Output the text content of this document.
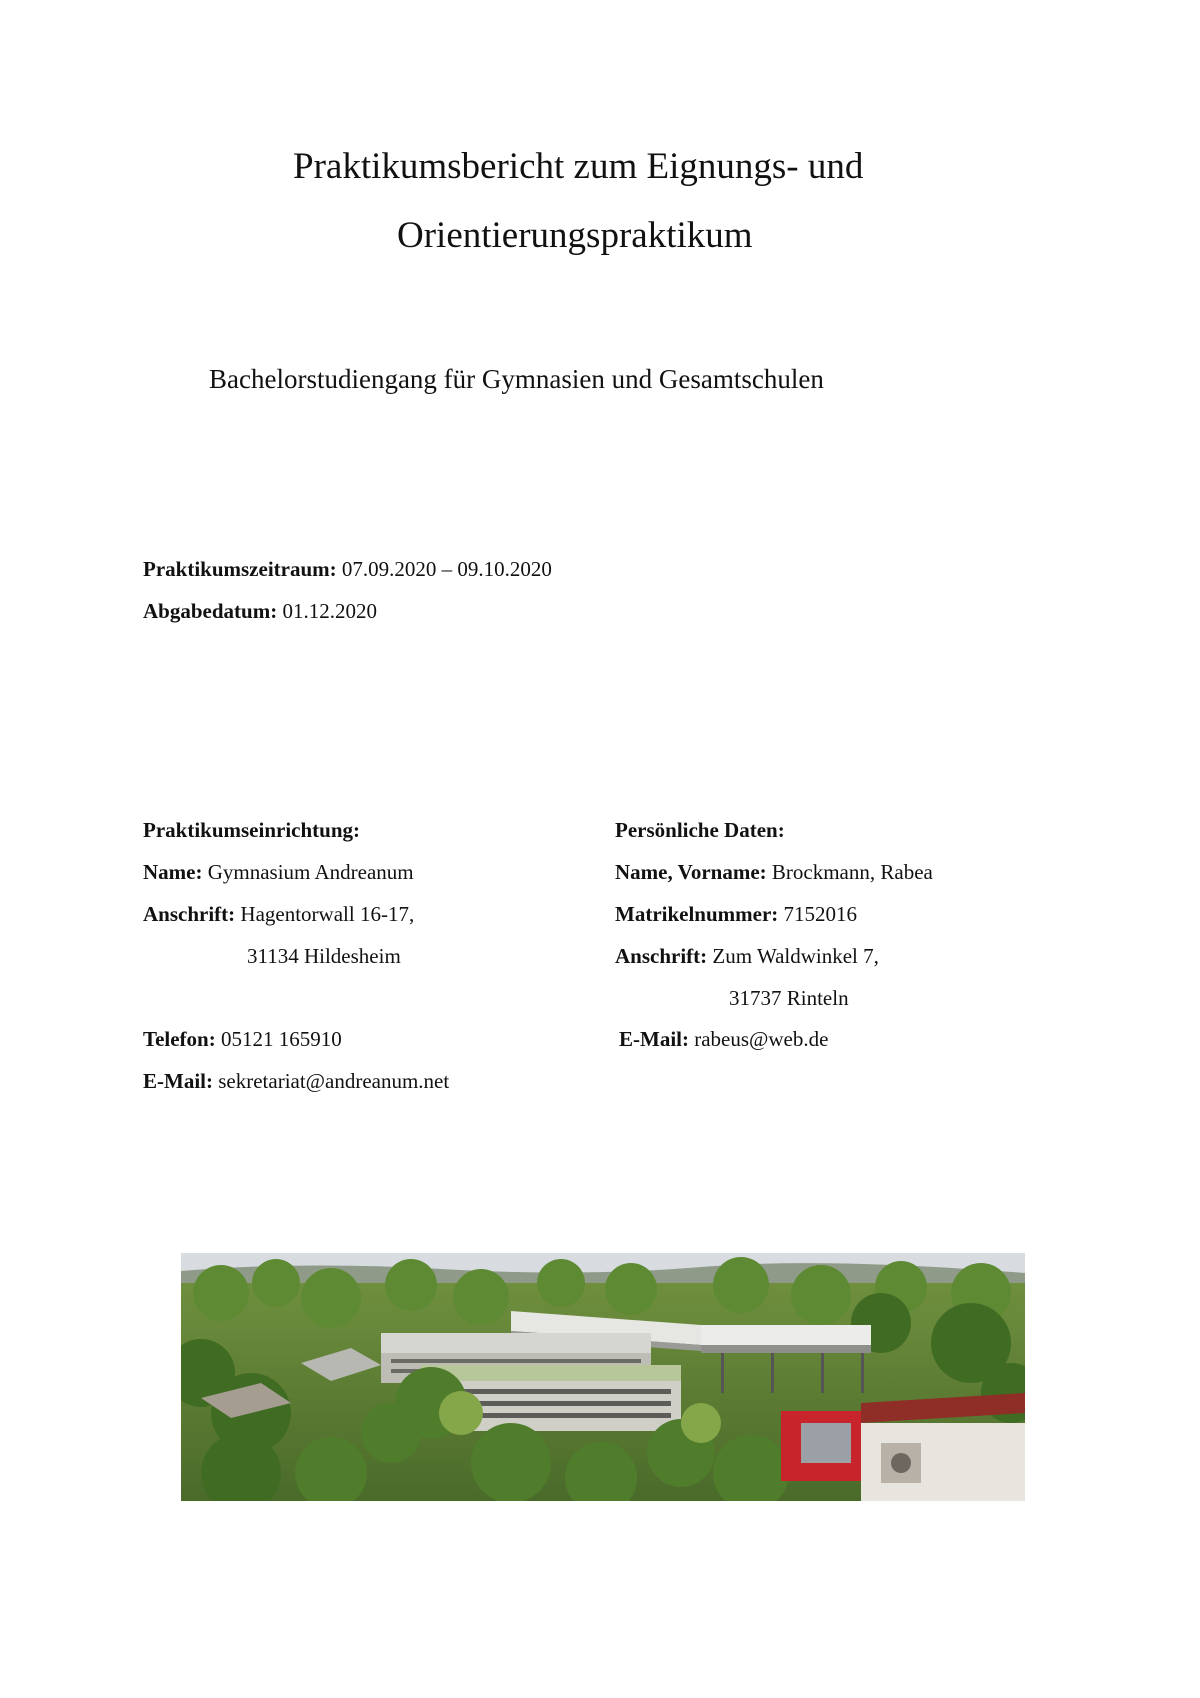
Praktikumsbericht zum Eignungs- und
Orientierungspraktikum
Bachelorstudiengang für Gymnasien und Gesamtschulen
Praktikumszeitraum: 07.09.2020 – 09.10.2020
Abgabedatum: 01.12.2020
Praktikumseinrichtung:
Name: Gymnasium Andreanum
Anschrift: Hagentorwall 16-17,
31134 Hildesheim
Telefon: 05121 165910
E-Mail: sekretariat@andreanum.net
Persönliche Daten:
Name, Vorname: Brockmann, Rabea
Matrikelnummer: 7152016
Anschrift: Zum Waldwinkel 7,
31737 Rinteln
E-Mail: rabeus@web.de
